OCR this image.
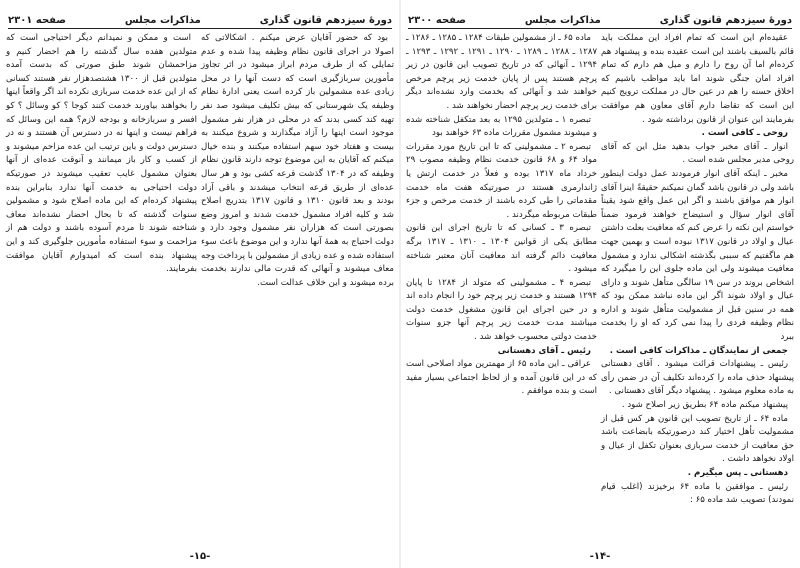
دورهٔ سیزدهم قانون گذاری
مذاکرات مجلس
صفحه ۲۳۰۱

بود که حضور آقایان عرض میکنم . اشکالاتی که اصولا در اجرای قانون نظام وظیفه پیدا شده و عدم تمایلی که از طرف مردم ابراز میشود در اثر تجاوز مأمورین سربازگیری است که دست آنها را در محل زیادی عده مشمولین باز کرده است یعنی ادارهٔ نظام وظیفه یک شهرستانی که بیش تکلیف میشود صد نفر تهیه کند کسی بدند که در محلی در هزار نفر مشمول موجود است اینها را آزاد میگذارند و شروع میکنند به بیست و هفتاد خود سهم استفاده میکنند و بنده خیال میکنم که آقایان به این موضوع توجه دارند قانون نظام وظیفه که در ۱۳۰۴ گذشت قرعه کشی بود و هر سال عده‌ای از طریق قرعه انتخاب میشدند و باقی آزاد بودند و بعد قانون ۱۳۱۰ و قانون ۱۳۱۷ بتدریج اصلاح شد و کلیه افراد مشمول خدمت شدند و امروز وضع بصورتی است که هزاران نفر مشمول وجود دارد و دولت احتیاج به همهٔ آنها ندارد و این موضوع باعث سوء استفاده شده و عده زیادی از مشمولین با پرداخت وجه معاف میشوند و آنهائی که قدرت مالی ندارند بخدمت برده میشوند و این خلاف عدالت است.

است و ممکن و نمیدانم دیگر احتیاجی است که متولدین هفده سال گذشته را هم احضار کنیم و مزاحمشان شوند طبق صورتی که بدست آمده متولدین قبل از ۱۳۰۰ هشتصدهزار نفر هستند کسانی که از این عده خدمت سربازی نکرده اند اگر واقعاً اینها را بخواهند بیاورند خدمت کنند کوجا ؟ کو وسائل ؟ کو افسر و سربازخانه و بودجه لازم؟ همه این وسائل که فراهم نیست و اینها نه در دسترس آن هستند و نه در دسترس دولت و باین ترتیب این عده مزاحم میشوند و از کسب و کار باز میمانند و آنوقت عده‌ای از آنها بعنوان مشمول غایب تعقیب میشوند در صورتیکه دولت احتیاجی به خدمت آنها ندارد بنابراین بنده پیشنهاد کرده‌ام که این ماده اصلاح شود و مشمولین سنوات گذشته که تا بحال احضار نشده‌اند معاف شناخته شوند تا مردم آسوده باشند و دولت هم از مزاحمت و سوء استفاده مأمورین جلوگیری کند و این پیشنهاد بنده است که امیدوارم آقایان موافقت بفرمایند.

-۱۵-
دورهٔ سیزدهم قانون گذاری
مذاکرات مجلس
صفحه ۲۳۰۰

عقیده‌ام این است که تمام افراد این مملکت باید قائم بالسیف باشند این است عقیده بنده و پیشنهاد هم کرده‌ام اما آن روح را دارم و میل هم دارم که تمام افراد امان جنگی شوند اما باید مواظب باشیم که اخلاق حسنه را هم در عین حال در مملکت ترویج کنیم این است که تقاضا دارم آقای معاون هم موافقت بفرمایند این عنوان از قانون برداشته شود .

روحی ـ کافی است .

انوار ـ آقای مخبر جواب بدهید مثل این که آقای روحی مدیر مجلس شده است .

مخبر ـ اینکه آقای انوار فرمودند عمل دولت اینطور باشد ولی در قانون باشد گمان نمیکنم حقیقةً اینرا آقای انوار هم موافق باشند و اگر این عمل واقع شود یقیناً آقای انوار سؤال و استیضاح خواهند فرمود ضمناً خواستم این نکته را عرض کنم که معافیت بعلت داشتن عیال و اولاد در قانون ۱۳۱۷ نبوده است و بهمین جهت هم ماگفتیم که سببی بگذشته اشکالی ندارد و مشمول معافیت میشوند ولی این ماده جلوی این را میگیرد که اشخاص بروند در سن ۱۹ سالگی متأهل شوند و دارای عیال و اولاد شوند اگر این ماده نباشد ممکن بود که همه در سنین قبل از مشمولیت متأهل شوند و اداره نظام وظیفه فردی را پیدا نمی کرد که او را بخدمت ببرد

جمعی از نمایندگان ـ مذاکرات کافی است .

رئیس ـ پیشنهادات قرائت میشود . آقای دهستانی پیشنهاد حذف ماده را کرده‌اند تکلیف آن در ضمن رأی به ماده معلوم میشود . پیشنهاد دیگر آقای دهستانی .

پیشنهاد میکنم ماده ۶۴ بطریق زیر اصلاح شود .

ماده ۶۴ ـ از تاریخ تصویب این قانون هر کس قبل از مشمولیت تأهل اختیار کند درصورتیکه بابضاعت باشد حق معافیت از خدمت سربازی بعنوان تکفل از عیال و اولاد نخواهد داشت .

دهستانی ـ پس میگیرم .

رئیس ـ موافقین با ماده ۶۴ برخیزند (اغلب قیام نمودند) تصویب شد ماده ۶۵ :

ماده ۶۵ ـ از مشمولین طبقات ۱۲۸۴ ـ ۱۲۸۵ ـ ۱۲۸۶ ـ ۱۲۸۷ ـ ۱۲۸۸ ـ ۱۲۸۹ ـ ۱۲۹۰ ـ ۱۲۹۱ ـ ۱۲۹۲ ـ ۱۲۹۳ ـ ۱۲۹۴ ـ آنهائی که در تاریخ تصویب این قانون در زیر پرچم هستند پس از پایان خدمت زیر پرچم مرخص خواهند شد و آنهائی که بخدمت وارد نشده‌اند دیگر برای خدمت زیر پرچم احضار نخواهند شد .

تبصره ۱ ـ متولدین ۱۲۹۵ به بعد متکفل شناخته شده و میشوند مشمول مقررات ماده ۶۳ خواهند بود

تبصره ۲ ـ مشمولینی که تا این تاریخ مورد مقررات مواد ۶۴ و ۶۸ قانون خدمت نظام وظیفه مصوب ۲۹ خرداد ماه ۱۳۱۷ بوده و فعلاً در خدمت ارتش یا ژاندارمری هستند در صورتیکه هفت ماه خدمت مقدماتی را طی کرده باشند از خدمت مرخص و جزء طبقات مربوطه میگردند .

تبصره ۳ ـ کسانی که تا تاریخ اجرای این قانون مطابق یکی از قوانین ۱۳۰۴ ـ ۱۳۱۰ ـ ۱۳۱۷ برگه معافیت دائم گرفته اند معافیت آنان معتبر شناخته میشود .

تبصره ۴ ـ مشمولینی که متولد از ۱۲۸۴ تا پایان ۱۲۹۴ هستند و خدمت زیر پرچم خود را انجام داده اند و در حین اجرای این قانون مشغول خدمت دولت میباشند مدت خدمت زیر پرچم آنها جزو سنوات خدمت دولتی محسوب خواهد شد .

رئیس ـ آقای دهستانی

عراقی ـ این ماده ۶۵ از مهمترین مواد اصلاحی است که در این قانون آمده و از لحاظ اجتماعی بسیار مفید است و بنده موافقم .

-۱۴-
